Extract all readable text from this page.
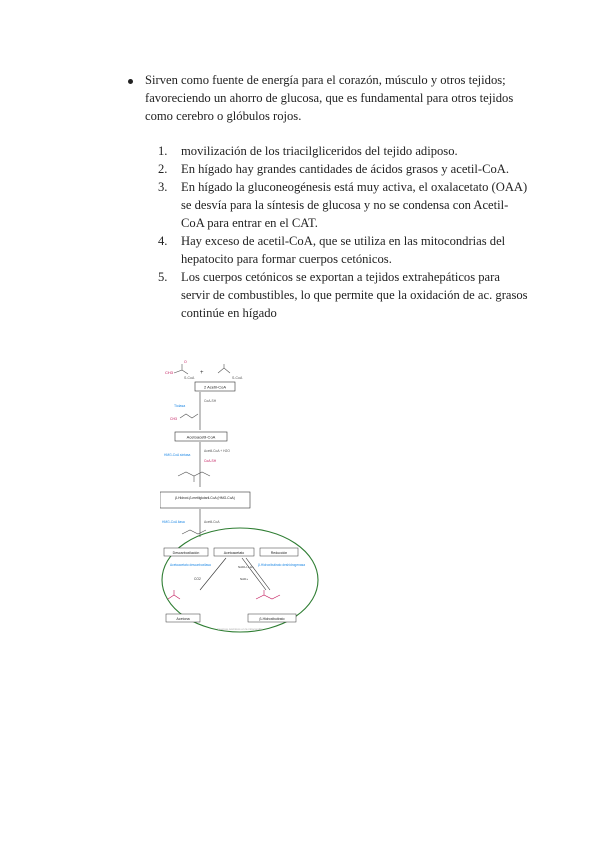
Sirven como fuente de energía para el corazón, músculo y otros tejidos; favoreciendo un ahorro de glucosa, que es fundamental para otros tejidos como cerebro o glóbulos rojos.
1. movilización de los triacilgliceridos del tejido adiposo.
2. En hígado hay grandes cantidades de ácidos grasos y acetil-CoA.
3. En hígado la gluconeogénesis está muy activa, el oxalacetato (OAA) se desvía para la síntesis de glucosa y no se condensa con Acetil-CoA para entrar en el CAT.
4. Hay exceso de acetil-CoA, que se utiliza en las mitocondrias del hepatocito para formar cuerpos cetónicos.
5. Los cuerpos cetónicos se exportan a tejidos extrahepáticos para servir de combustibles, lo que permite que la oxidación de ac. grasos continúe en hígado
CH3
O
S-CoA
+
S-CoA
2 Acetil-CoA
Tiolasa
CoA-SH
CH3
Acetoacetil-CoA
HMG-CoA sintasa
Acetil-CoA + H2O
CoA-SH
β-Hidroxi-β-metilglutaril-CoA (HMG-CoA)
HMG-CoA liasa	Acetil-CoA
Descarboxilación	Acetoacetato	Reducción
Acetoacetato descarboxilasa	β-Hidroxibutirato deshidrogenasa
CO2
NADH + H+
NAD+
Acetona	β-Hidroxibutirato
Cuerpos cetónicos en la mitocondria
